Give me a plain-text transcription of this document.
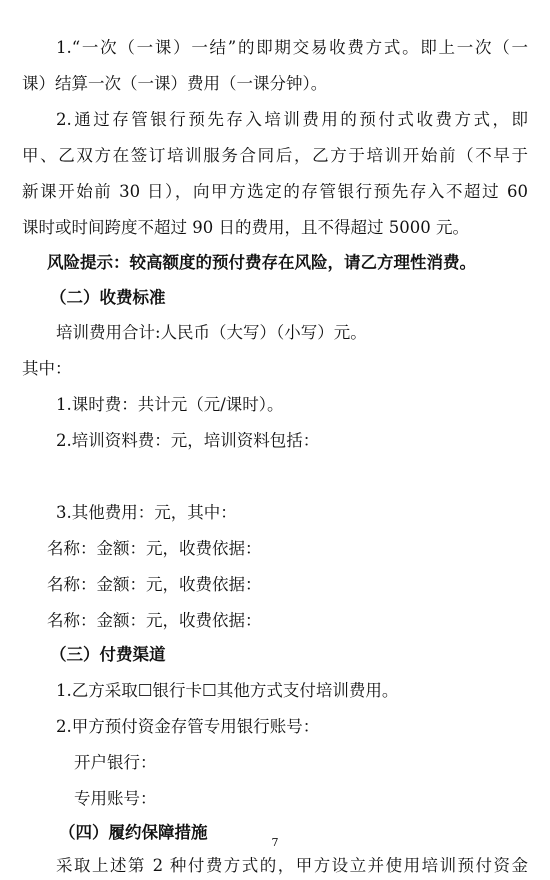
1.“一次（一课）一结”的即期交易收费方式。即上一次（一
课）结算一次（一课）费用（一课分钟）。
2.通过存管银行预先存入培训费用的预付式收费方式，即
甲、乙双方在签订培训服务合同后，乙方于培训开始前（不早于
新课开始前 30 日），向甲方选定的存管银行预先存入不超过 60
课时或时间跨度不超过 90 日的费用，且不得超过 5000 元。
风险提示：较高额度的预付费存在风险，请乙方理性消费。
（二）收费标准
培训费用合计:人民币（大写）（小写）元。
其中：
1.课时费：共计元（元/课时）。
2.培训资料费：元，培训资料包括：
3.其他费用：元，其中：
名称：金额：元，收费依据：
名称：金额：元，收费依据：
名称：金额：元，收费依据：
（三）付费渠道
1.乙方采取☐银行卡☐其他方式支付培训费用。
2.甲方预付资金存管专用银行账号：
开户银行：
专用账号：
（四）履约保障措施
采取上述第 2 种付费方式的，甲方设立并使用培训预付资金
7
